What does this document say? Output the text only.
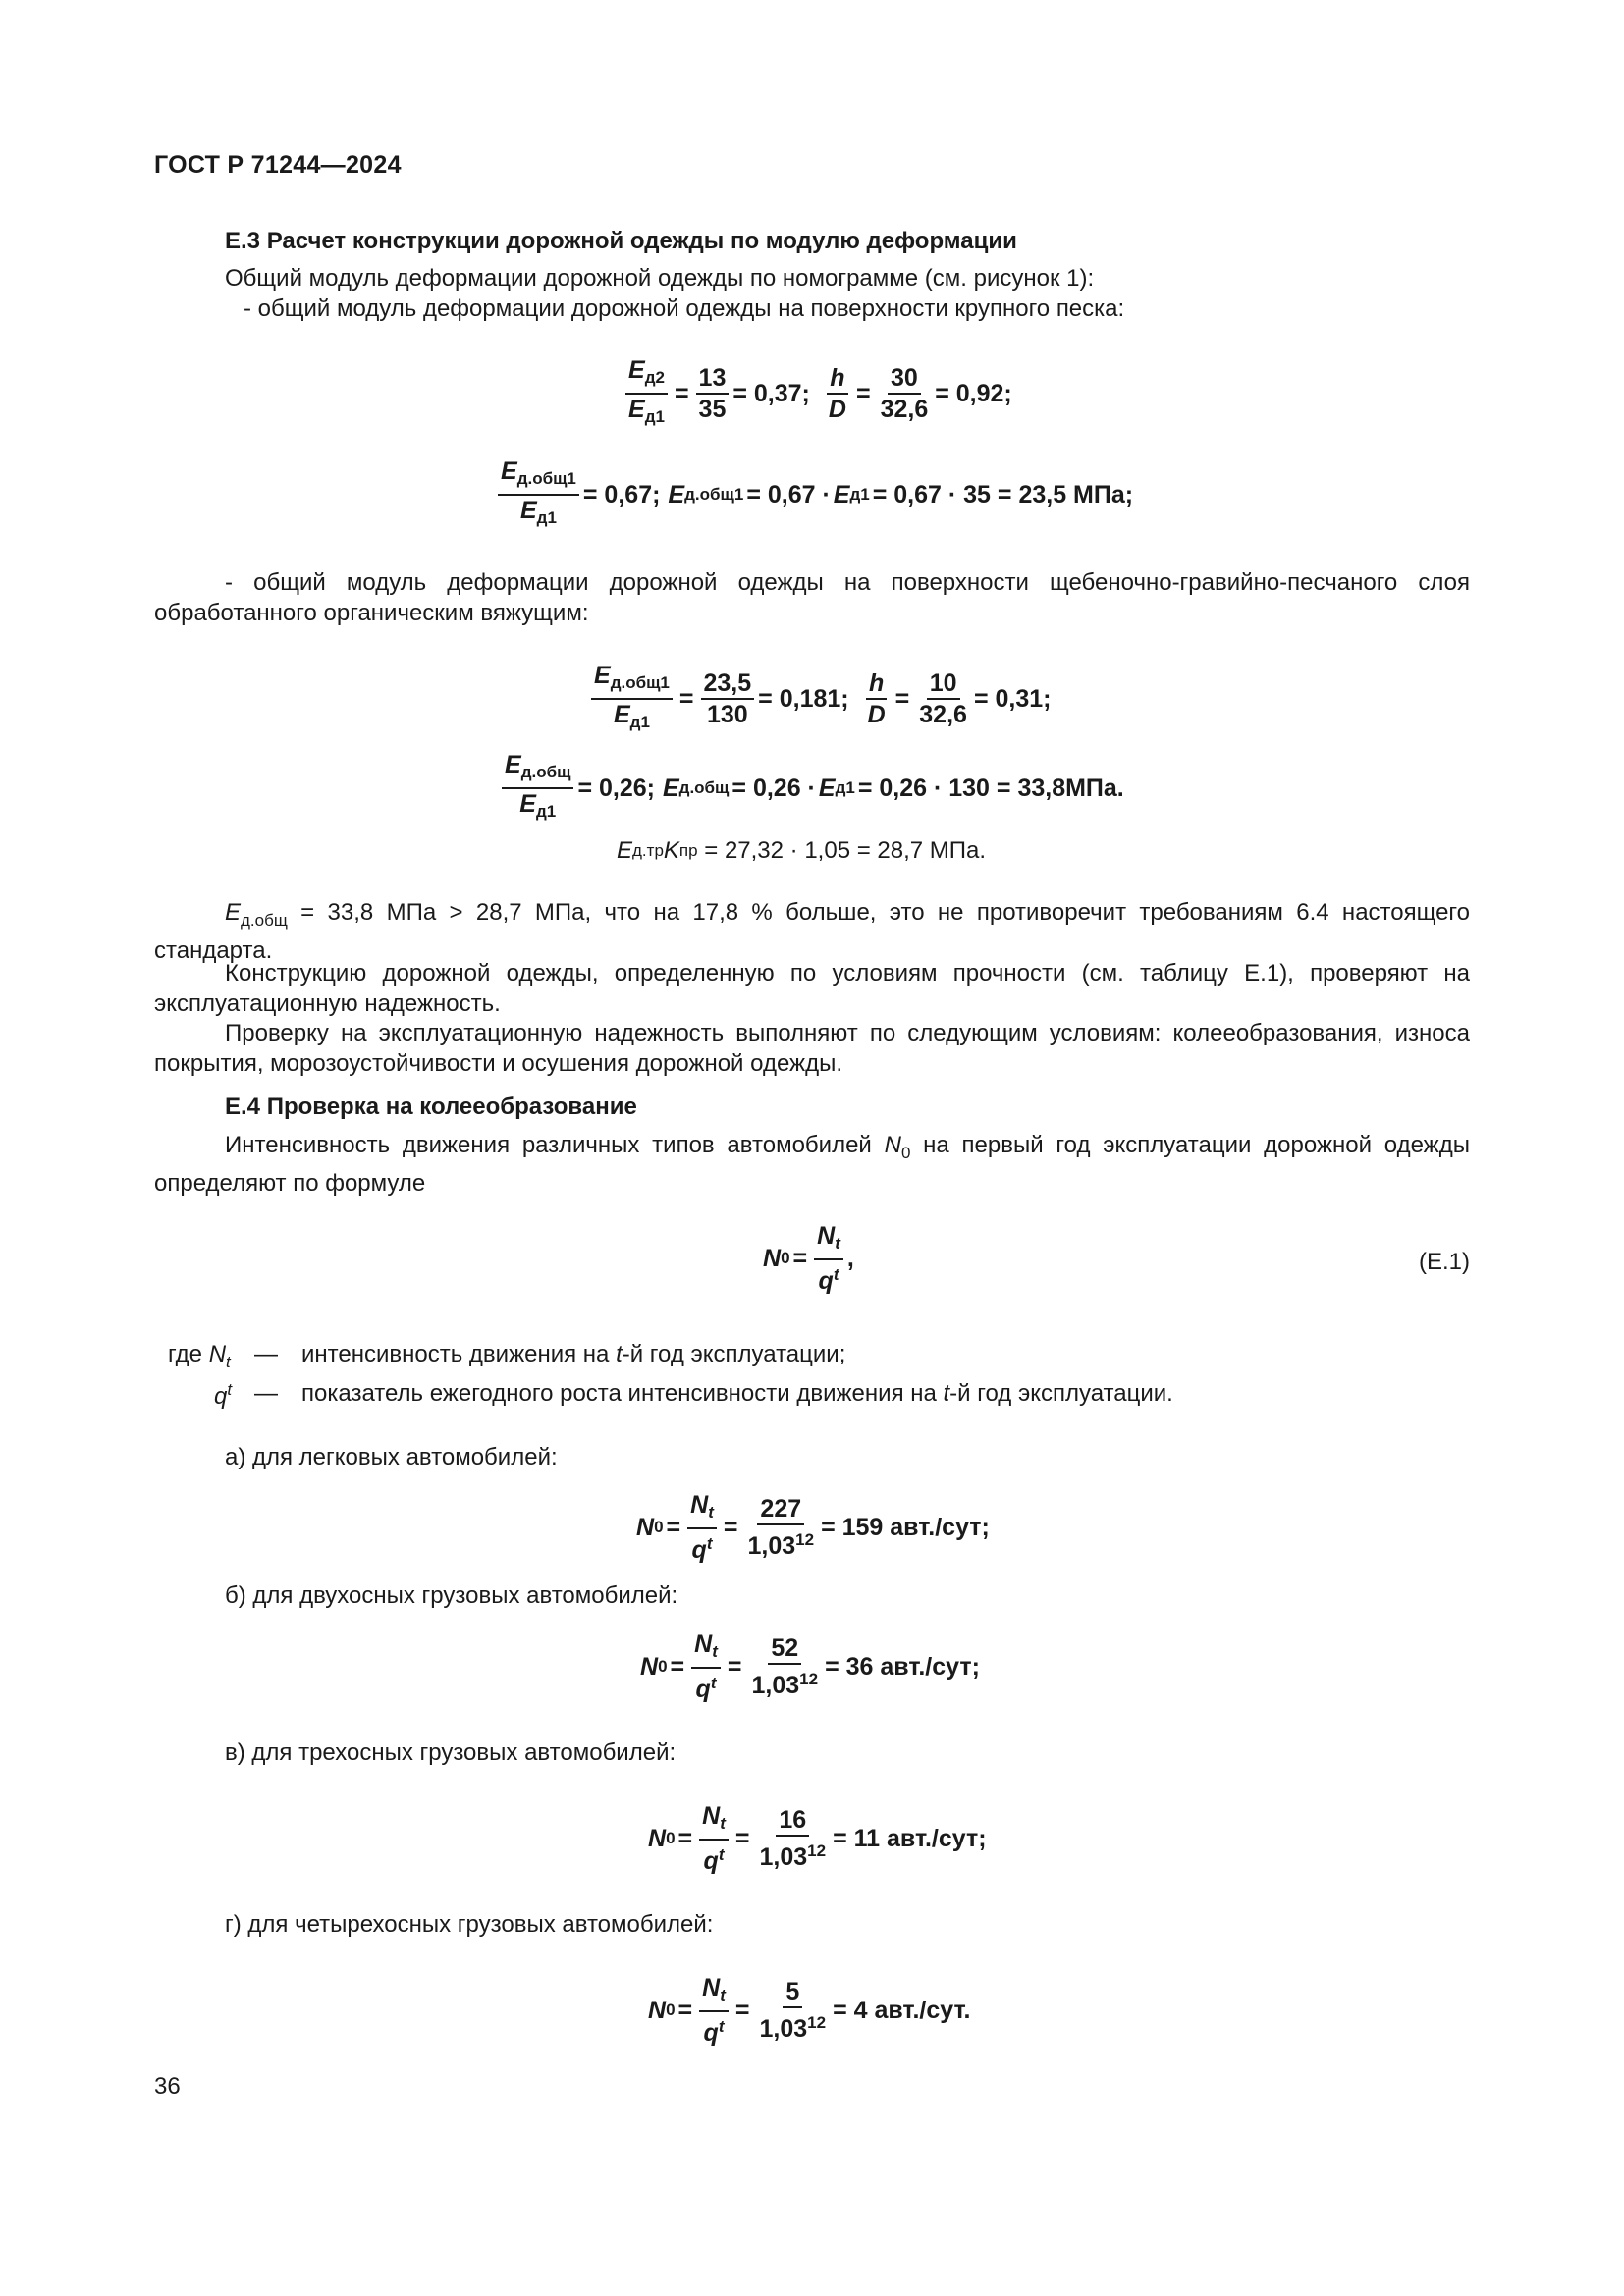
ГОСТ Р 71244—2024
Е.3 Расчет конструкции дорожной одежды по модулю деформации
Общий модуль деформации дорожной одежды по номограмме (см. рисунок 1):
- общий модуль деформации дорожной одежды на поверхности крупного песка:
$\frac{E_{д2}}{E_{д1}} = \frac{13}{35} = 0,37$; $\frac{h}{D} = \frac{30}{32,6} = 0,92$;
$\frac{E_{д.общ1}}{E_{д1}} = 0,67$; E д.общ1 = 0,67 · E д1 = 0,67 · 35 = 23,5 МПа;
- общий модуль деформации дорожной одежды на поверхности щебеночно-гравийно-песчаного слоя обработанного органическим вяжущим:
$\frac{E_{д.общ1}}{E_{д1}} = \frac{23,5}{130} = 0,181$; $\frac{h}{D} = \frac{10}{32,6} = 0,31$;
$\frac{E_{д.общ}}{E_{д1}} = 0,26$; E д.общ = 0,26 · E д1 = 0,26 · 130 = 33,8МПа.
E д.тр K пр = 27,32 · 1,05 = 28,7 МПа.
$E_{д.общ} = 33,8$ МПа > 28,7 МПа, что на 17,8 % больше, это не противоречит требованиям 6.4 настоящего стандарта.
Конструкцию дорожной одежды, определенную по условиям прочности (см. таблицу Е.1), проверяют на эксплуатационную надежность.
Проверку на эксплуатационную надежность выполняют по следующим условиям: колееобразования, износа покрытия, морозоустойчивости и осушения дорожной одежды.
Е.4 Проверка на колееобразование
Интенсивность движения различных типов автомобилей $N_0$ на первый год эксплуатации дорожной одежды определяют по формуле
N $0 = \frac{N_t}{q^t}$ ,	(Е.1)
где $N_t$ — интенсивность движения на t-й год эксплуатации;
$q^t$ — показатель ежегодного роста интенсивности движения на t-й год эксплуатации.
а) для легковых автомобилей:
N $0 = \frac{N_t}{q^t} = \frac{227}{1,03^{12}} = 159$ авт./сут;
б) для двухосных грузовых автомобилей:
N $0 = \frac{N_t}{q^t} = \frac{52}{1,03^{12}} = 36$ авт./сут;
в) для трехосных грузовых автомобилей:
N $0 = \frac{N_t}{q^t} = \frac{16}{1,03^{12}} = 11$ авт./сут;
г) для четырехосных грузовых автомобилей:
N $0 = \frac{N_t}{q^t} = \frac{5}{1,03^{12}} = 4$ авт./сут.
36
